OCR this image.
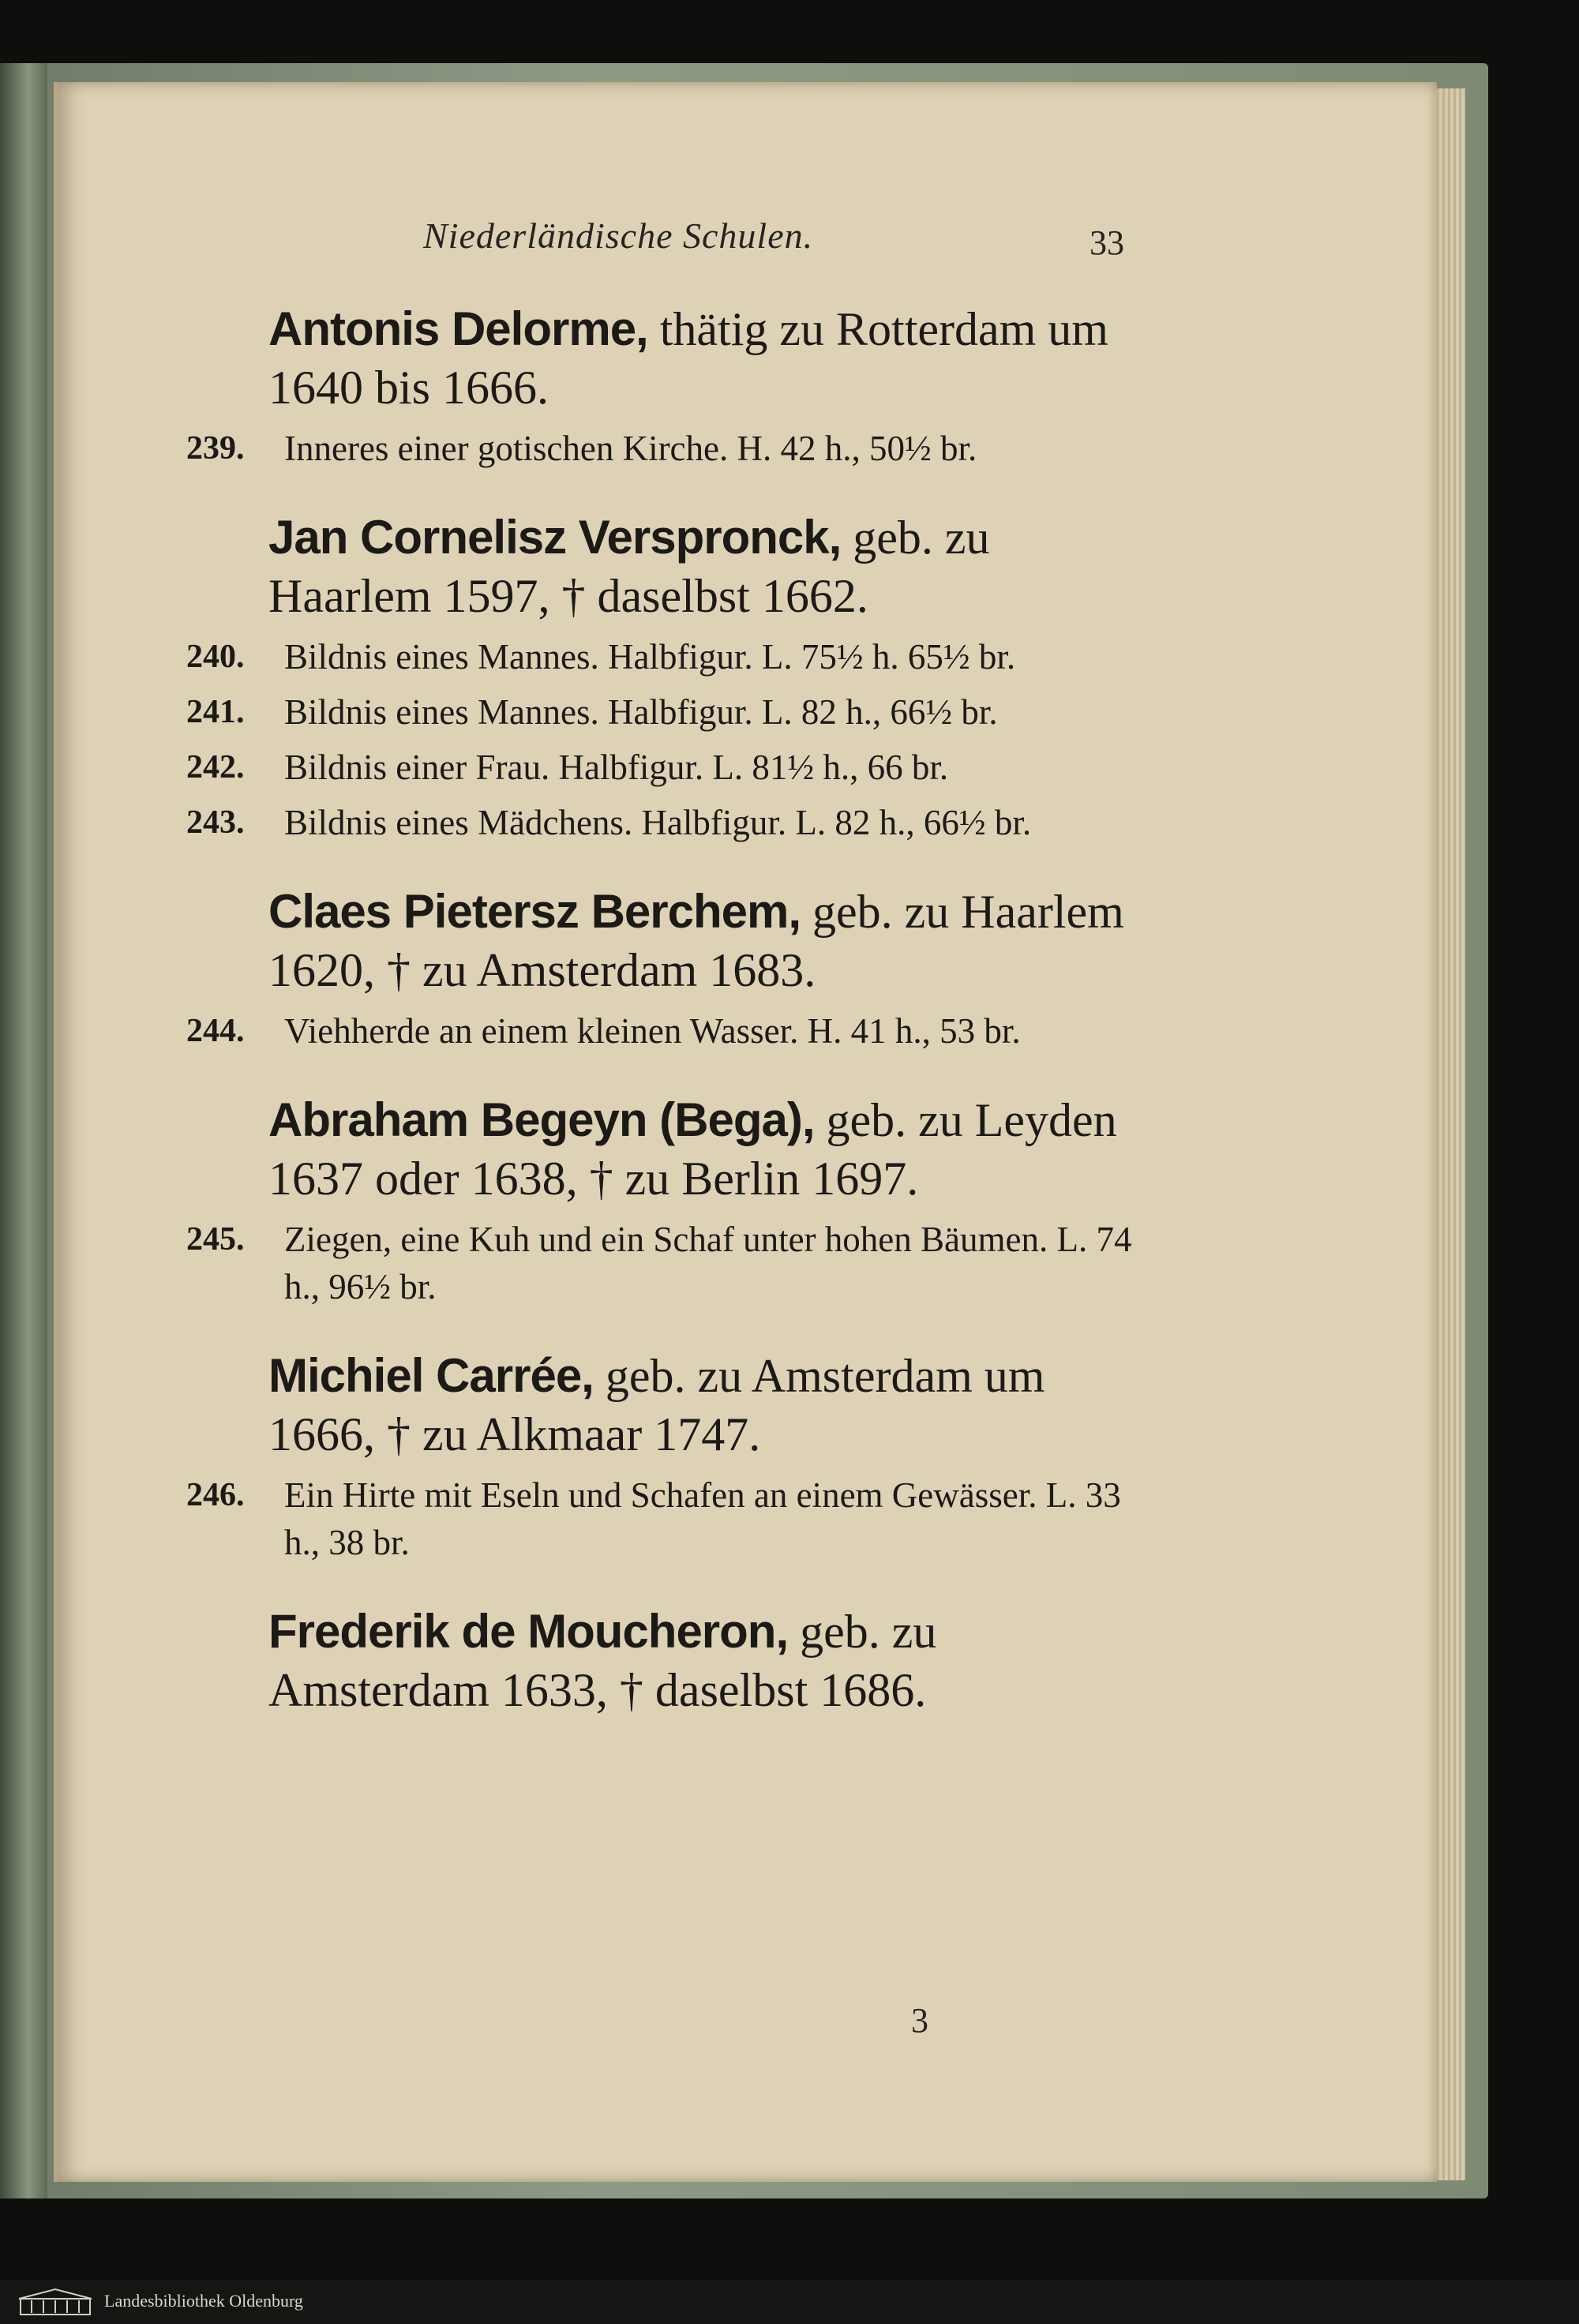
Niederländische Schulen.	33
Antonis Delorme, thätig zu Rotterdam um 1640 bis 1666.
239. Inneres einer gotischen Kirche. H. 42 h., 50½ br.
Jan Cornelisz Verspronck, geb. zu Haarlem 1597, † daselbst 1662.
240. Bildnis eines Mannes. Halbfigur. L. 75½ h. 65½ br.
241. Bildnis eines Mannes. Halbfigur. L. 82 h., 66½ br.
242. Bildnis einer Frau. Halbfigur. L. 81½ h., 66 br.
243. Bildnis eines Mädchens. Halbfigur. L. 82 h., 66½ br.
Claes Pietersz Berchem, geb. zu Haarlem 1620, † zu Amsterdam 1683.
244. Viehherde an einem kleinen Wasser. H. 41 h., 53 br.
Abraham Begeyn (Bega), geb. zu Leyden 1637 oder 1638, † zu Berlin 1697.
245. Ziegen, eine Kuh und ein Schaf unter hohen Bäumen. L. 74 h., 96½ br.
Michiel Carrée, geb. zu Amsterdam um 1666, † zu Alkmaar 1747.
246. Ein Hirte mit Eseln und Schafen an einem Gewässer. L. 33 h., 38 br.
Frederik de Moucheron, geb. zu Amsterdam 1633, † daselbst 1686.
3
Landesbibliothek Oldenburg
